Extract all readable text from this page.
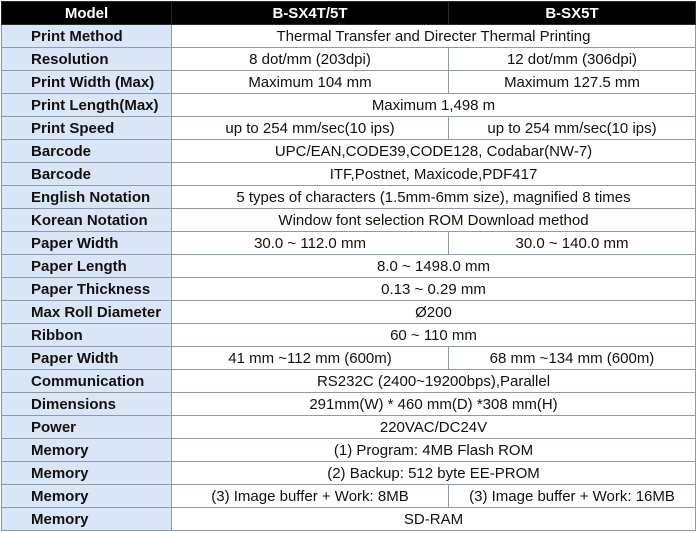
Model	B-SX4T/5T	B-SX5T
Print Method	Thermal Transfer and Directer Thermal Printing	
Resolution	8 dot/mm (203dpi)	12 dot/mm (306dpi)
Print Width (Max)	Maximum 104 mm	Maximum 127.5 mm
Print Length(Max)	Maximum 1,498 m	
Print Speed	up to 254 mm/sec(10 ips)	up to 254 mm/sec(10 ips)
Barcode	UPC/EAN,CODE39,CODE128, Codabar(NW-7)	
Barcode	ITF,Postnet, Maxicode,PDF417	
English Notation	5 types of characters (1.5mm-6mm size), magnified 8 times	
Korean Notation	Window font selection ROM Download method	
Paper Width	30.0 ~ 112.0 mm	30.0 ~ 140.0 mm
Paper Length	8.0 ~ 1498.0 mm	
Paper Thickness	0.13 ~ 0.29 mm	
Max Roll Diameter	Ø200	
Ribbon	60 ~ 110 mm	
Paper Width	41 mm ~112 mm (600m)	68 mm ~134 mm (600m)
Communication	RS232C (2400~19200bps),Parallel	
Dimensions	291mm(W) * 460 mm(D) *308 mm(H)	
Power	220VAC/DC24V	
Memory	(1) Program: 4MB Flash ROM	
Memory	(2) Backup: 512 byte EE-PROM	
Memory	(3) Image buffer + Work: 8MB	(3) Image buffer + Work: 16MB
Memory	SD-RAM	
